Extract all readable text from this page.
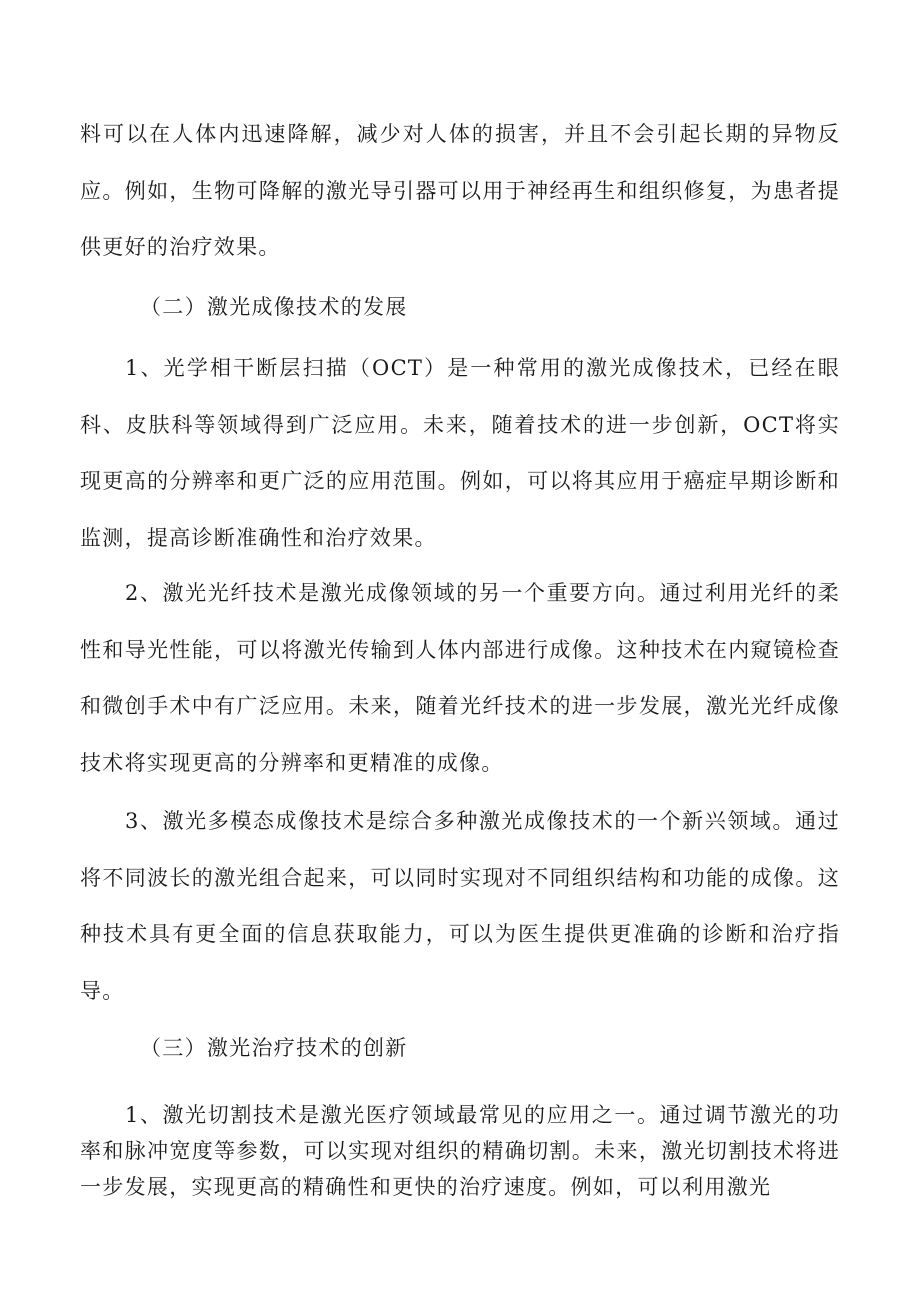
料可以在人体内迅速降解，减少对人体的损害，并且不会引起长期的异物反应。例如，生物可降解的激光导引器可以用于神经再生和组织修复，为患者提供更好的治疗效果。

（二）激光成像技术的发展

1、光学相干断层扫描（OCT）是一种常用的激光成像技术，已经在眼科、皮肤科等领域得到广泛应用。未来，随着技术的进一步创新，OCT将实现更高的分辨率和更广泛的应用范围。例如，可以将其应用于癌症早期诊断和监测，提高诊断准确性和治疗效果。

2、激光光纤技术是激光成像领域的另一个重要方向。通过利用光纤的柔性和导光性能，可以将激光传输到人体内部进行成像。这种技术在内窥镜检查和微创手术中有广泛应用。未来，随着光纤技术的进一步发展，激光光纤成像技术将实现更高的分辨率和更精准的成像。

3、激光多模态成像技术是综合多种激光成像技术的一个新兴领域。通过将不同波长的激光组合起来，可以同时实现对不同组织结构和功能的成像。这种技术具有更全面的信息获取能力，可以为医生提供更准确的诊断和治疗指导。

（三）激光治疗技术的创新

1、激光切割技术是激光医疗领域最常见的应用之一。通过调节激光的功率和脉冲宽度等参数，可以实现对组织的精确切割。未来，激光切割技术将进一步发展，实现更高的精确性和更快的治疗速度。例如，可以利用激光
